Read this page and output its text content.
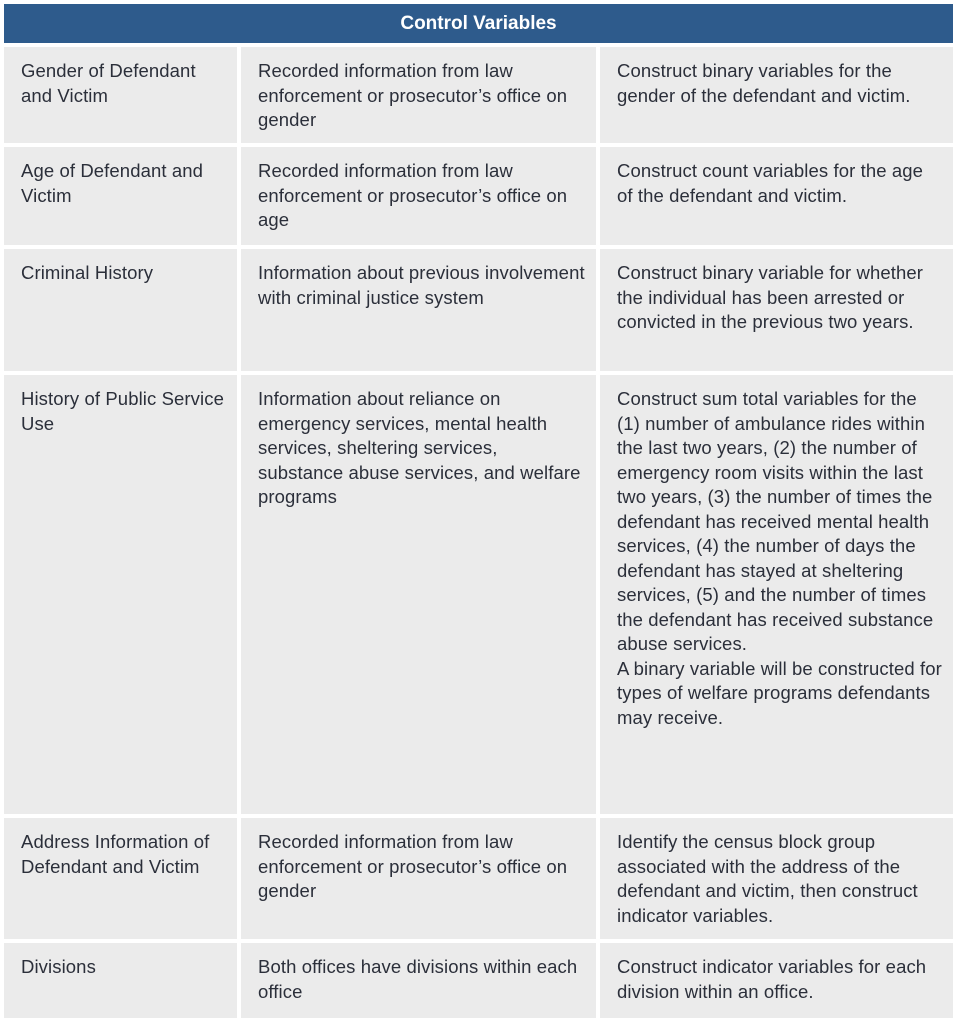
Control Variables
Gender of Defendant and Victim
Recorded information from law enforcement or prosecutor’s office on gender
Construct binary variables for the gender of the defendant and victim.
Age of Defendant and Victim
Recorded information from law enforcement or prosecutor’s office on age
Construct count variables for the age of the defendant and victim.
Criminal History	Information about previous involvement with criminal justice system
Construct binary variable for whether the individual has been arrested or convicted in the previous two years.
History of Public Service Use
Information about reliance on emergency services, mental health services, sheltering services, substance abuse services, and welfare programs

Construct sum total variables for the (1) number of ambulance rides within the last two years, (2) the number of emergency room visits within the last two years, (3) the number of times the defendant has received mental health services, (4) the number of days the defendant has stayed at sheltering services, (5) and the number of times the defendant has received substance abuse services.

A binary variable will be constructed for types of welfare programs defendants may receive.

Address Information of Defendant and Victim
Recorded information from law enforcement or prosecutor’s office on gender
Identify the census block group associated with the address of the defendant and victim, then construct indicator variables.
Divisions	Both offices have divisions within each office
Construct indicator variables for each division within an office.
